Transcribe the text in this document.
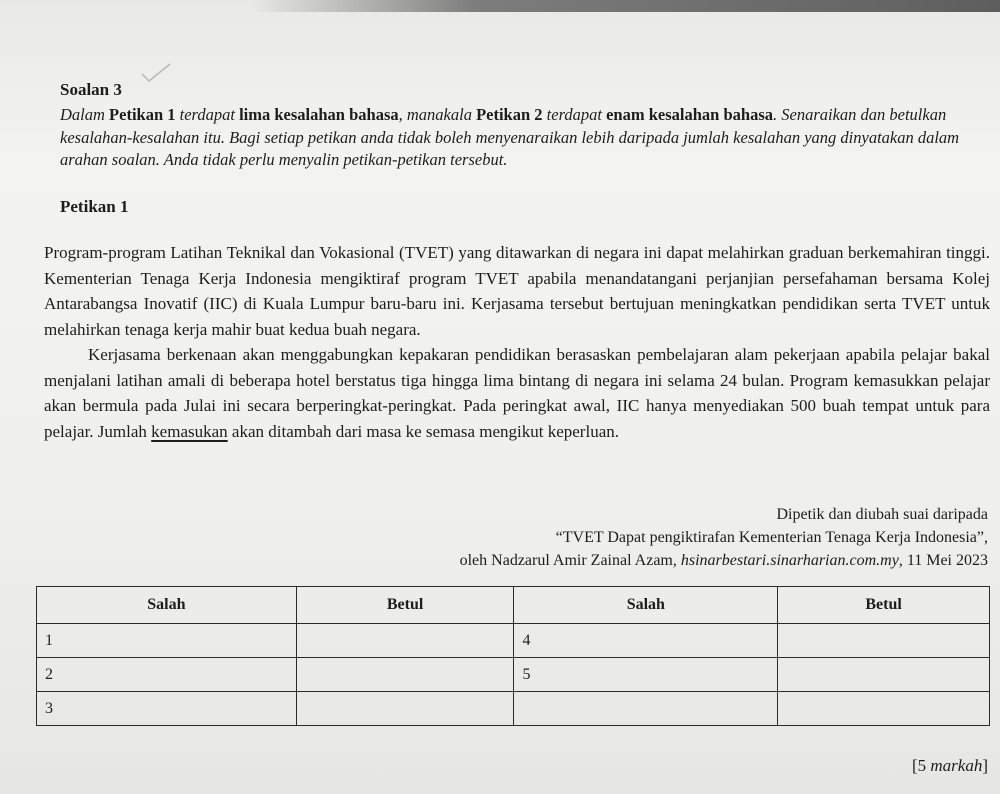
Soalan 3
Dalam Petikan 1 terdapat lima kesalahan bahasa, manakala Petikan 2 terdapat enam kesalahan bahasa. Senaraikan dan betulkan kesalahan-kesalahan itu. Bagi setiap petikan anda tidak boleh menyenaraikan lebih daripada jumlah kesalahan yang dinyatakan dalam arahan soalan. Anda tidak perlu menyalin petikan-petikan tersebut.
Petikan 1

Program-program Latihan Teknikal dan Vokasional (TVET) yang ditawarkan di negara ini dapat melahirkan graduan berkemahiran tinggi. Kementerian Tenaga Kerja Indonesia mengiktiraf program TVET apabila menandatangani perjanjian persefahaman bersama Kolej Antarabangsa Inovatif (IIC) di Kuala Lumpur baru-baru ini. Kerjasama tersebut bertujuan meningkatkan pendidikan serta TVET untuk melahirkan tenaga kerja mahir buat kedua buah negara.

Kerjasama berkenaan akan menggabungkan kepakaran pendidikan berasaskan pembelajaran alam pekerjaan apabila pelajar bakal menjalani latihan amali di beberapa hotel berstatus tiga hingga lima bintang di negara ini selama 24 bulan. Program kemasukkan pelajar akan bermula pada Julai ini secara berperingkat-peringkat. Pada peringkat awal, IIC hanya menyediakan 500 buah tempat untuk para pelajar. Jumlah kemasukan akan ditambah dari masa ke semasa mengikut keperluan.

Dipetik dan diubah suai daripada
“TVET Dapat pengiktirafan Kementerian Tenaga Kerja Indonesia”,
oleh Nadzarul Amir Zainal Azam, hsinarbestari.sinarharian.com.my, 11 Mei 2023
Salah	Betul	Salah	Betul
1		4	
2		5	
3			
[5 markah]
